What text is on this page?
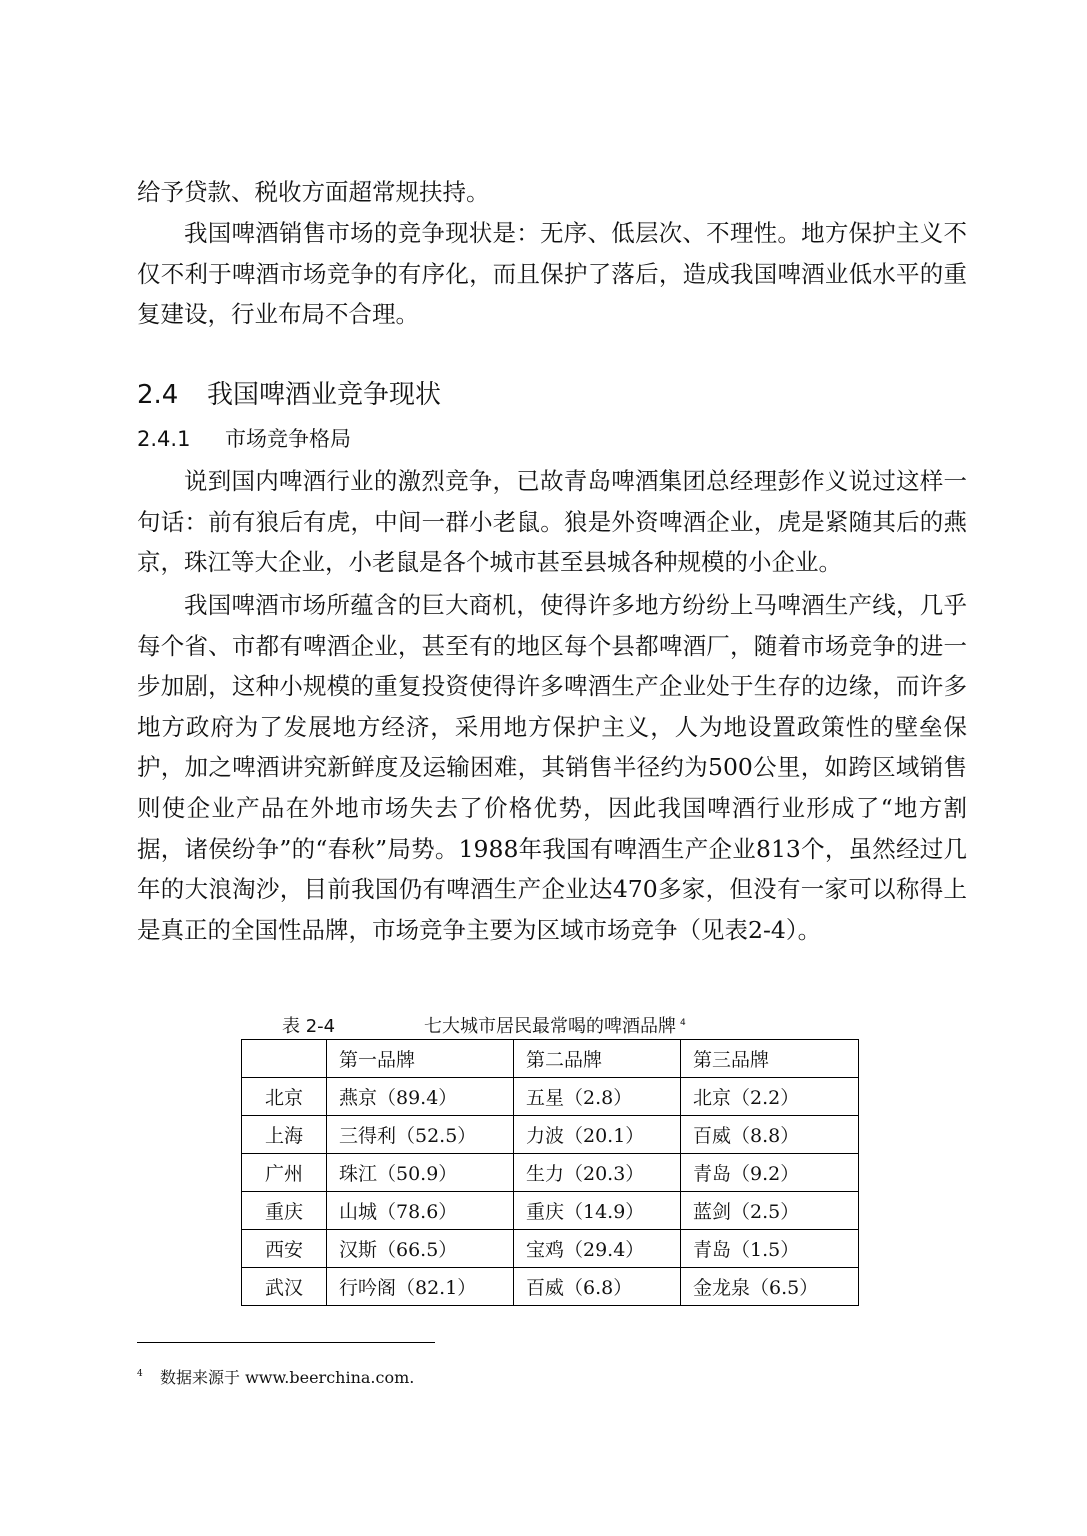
给予贷款、税收方面超常规扶持。

我国啤酒销售市场的竞争现状是：无序、低层次、不理性。地方保护主义不仅不利于啤酒市场竞争的有序化，而且保护了落后，造成我国啤酒业低水平的重复建设，行业布局不合理。

2.4 我国啤酒业竞争现状
2.4.1 市场竞争格局

说到国内啤酒行业的激烈竞争，已故青岛啤酒集团总经理彭作义说过这样一句话：前有狼后有虎，中间一群小老鼠。狼是外资啤酒企业，虎是紧随其后的燕京，珠江等大企业，小老鼠是各个城市甚至县城各种规模的小企业。

我国啤酒市场所蕴含的巨大商机，使得许多地方纷纷上马啤酒生产线，几乎每个省、市都有啤酒企业，甚至有的地区每个县都啤酒厂，随着市场竞争的进一步加剧，这种小规模的重复投资使得许多啤酒生产企业处于生存的边缘，而许多地方政府为了发展地方经济，采用地方保护主义，人为地设置政策性的壁垒保护，加之啤酒讲究新鲜度及运输困难，其销售半径约为500公里，如跨区域销售则使企业产品在外地市场失去了价格优势，因此我国啤酒行业形成了“地方割据，诸侯纷争”的“春秋”局势。1988年我国有啤酒生产企业813个，虽然经过几年的大浪淘沙，目前我国仍有啤酒生产企业达470多家，但没有一家可以称得上是真正的全国性品牌，市场竞争主要为区域市场竞争（见表2-4）。

表 2-4	七大城市居民最常喝的啤酒品牌 $^4$

	第一品牌	第二品牌	第三品牌
北京	燕京（89.4）	五星（2.8）	北京（2.2）
上海	三得利（52.5）	力波（20.1）	百威（8.8）
广州	珠江（50.9）	生力（20.3）	青岛（9.2）
重庆	山城（78.6）	重庆（14.9）	蓝剑（2.5）
西安	汉斯（66.5）	宝鸡（29.4）	青岛（1.5）
武汉	行吟阁（82.1）	百威（6.8）	金龙泉（6.5）

$^4$ 数据来源于 www.beerchina.com.
